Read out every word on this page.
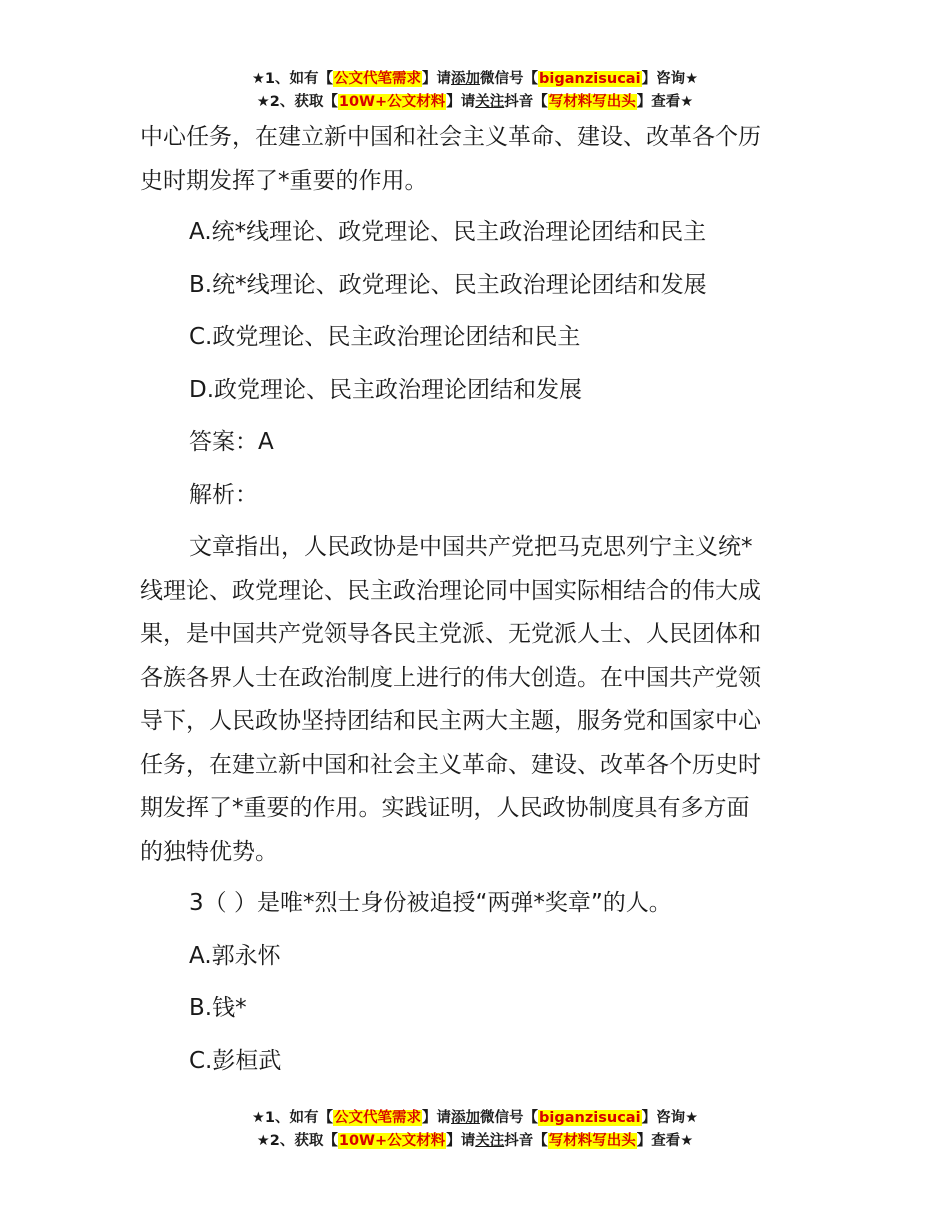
★1、如有【公文代笔需求】请添加微信号【biganzisucai】咨询★
★2、获取【10W+公文材料】请关注抖音【写材料写出头】查看★

中心任务，在建立新中国和社会主义革命、建设、改革各个历

史时期发挥了*重要的作用。

A.统*线理论、政党理论、民主政治理论团结和民主

B.统*线理论、政党理论、民主政治理论团结和发展

C.政党理论、民主政治理论团结和民主

D.政党理论、民主政治理论团结和发展

答案：A

解析：

文章指出，人民政协是中国共产党把马克思列宁主义统*

线理论、政党理论、民主政治理论同中国实际相结合的伟大成

果，是中国共产党领导各民主党派、无党派人士、人民团体和

各族各界人士在政治制度上进行的伟大创造。在中国共产党领

导下，人民政协坚持团结和民主两大主题，服务党和国家中心

任务，在建立新中国和社会主义革命、建设、改革各个历史时

期发挥了*重要的作用。实践证明，人民政协制度具有多方面

的独特优势。

3（ ）是唯*烈士身份被追授“两弹*奖章”的人。

A.郭永怀

B.钱*

C.彭桓武

★1、如有【公文代笔需求】请添加微信号【biganzisucai】咨询★
★2、获取【10W+公文材料】请关注抖音【写材料写出头】查看★
